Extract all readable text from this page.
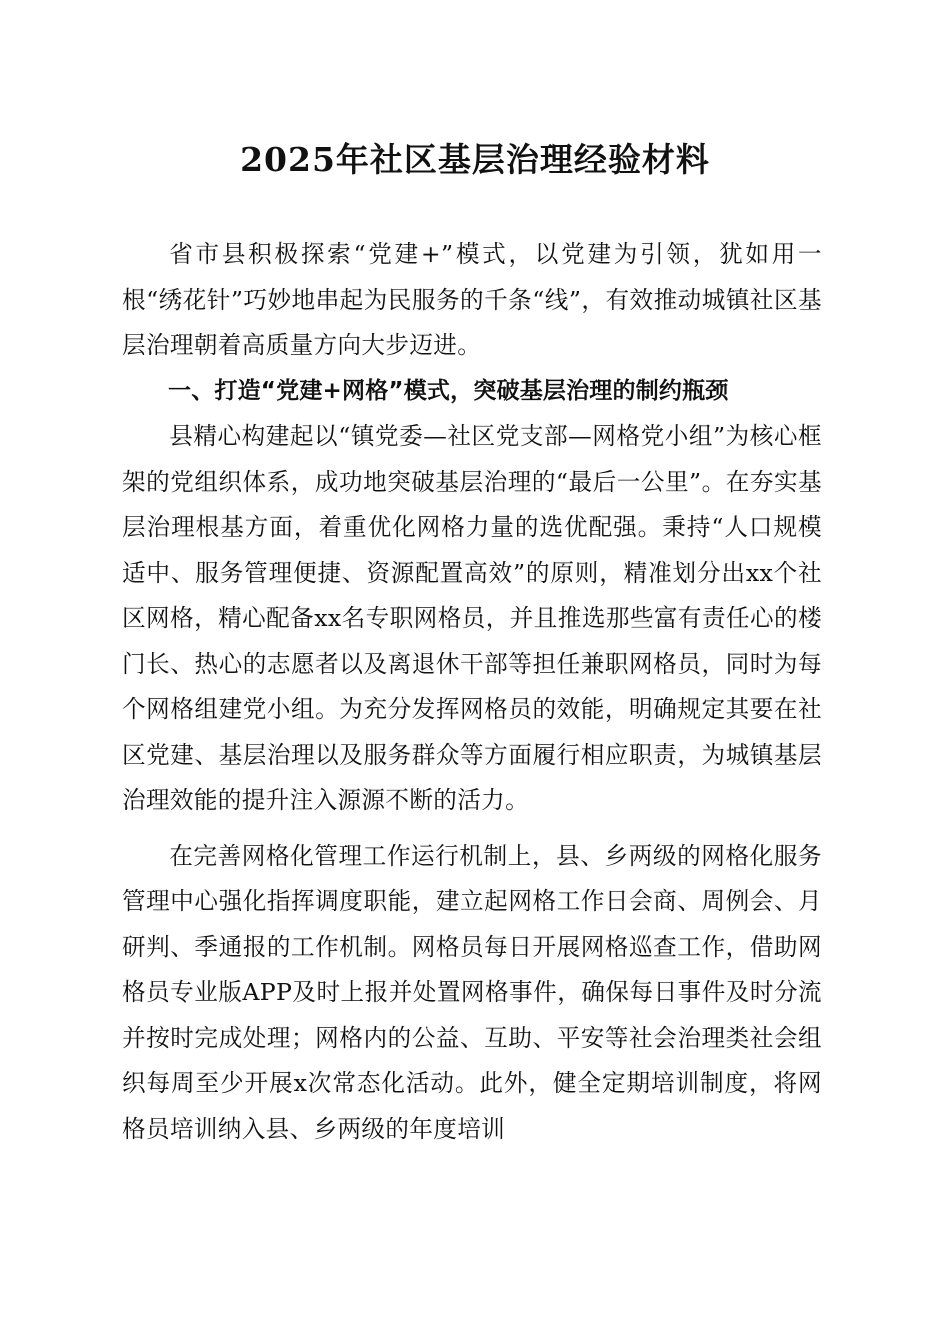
2025年社区基层治理经验材料

省市县积极探索“党建+”模式，以党建为引领，犹如用一根“绣花针”巧妙地串起为民服务的千条“线”，有效推动城镇社区基层治理朝着高质量方向大步迈进。

一、打造“党建+网格”模式，突破基层治理的制约瓶颈

县精心构建起以“镇党委—社区党支部—网格党小组”为核心框架的党组织体系，成功地突破基层治理的“最后一公里”。在夯实基层治理根基方面，着重优化网格力量的选优配强。秉持“人口规模适中、服务管理便捷、资源配置高效”的原则，精准划分出xx个社区网格，精心配备xx名专职网格员，并且推选那些富有责任心的楼门长、热心的志愿者以及离退休干部等担任兼职网格员，同时为每个网格组建党小组。为充分发挥网格员的效能，明确规定其要在社区党建、基层治理以及服务群众等方面履行相应职责，为城镇基层治理效能的提升注入源源不断的活力。

在完善网格化管理工作运行机制上，县、乡两级的网格化服务管理中心强化指挥调度职能，建立起网格工作日会商、周例会、月研判、季通报的工作机制。网格员每日开展网格巡查工作，借助网格员专业版APP及时上报并处置网格事件，确保每日事件及时分流并按时完成处理；网格内的公益、互助、平安等社会治理类社会组织每周至少开展x次常态化活动。此外，健全定期培训制度，将网格员培训纳入县、乡两级的年度培训
